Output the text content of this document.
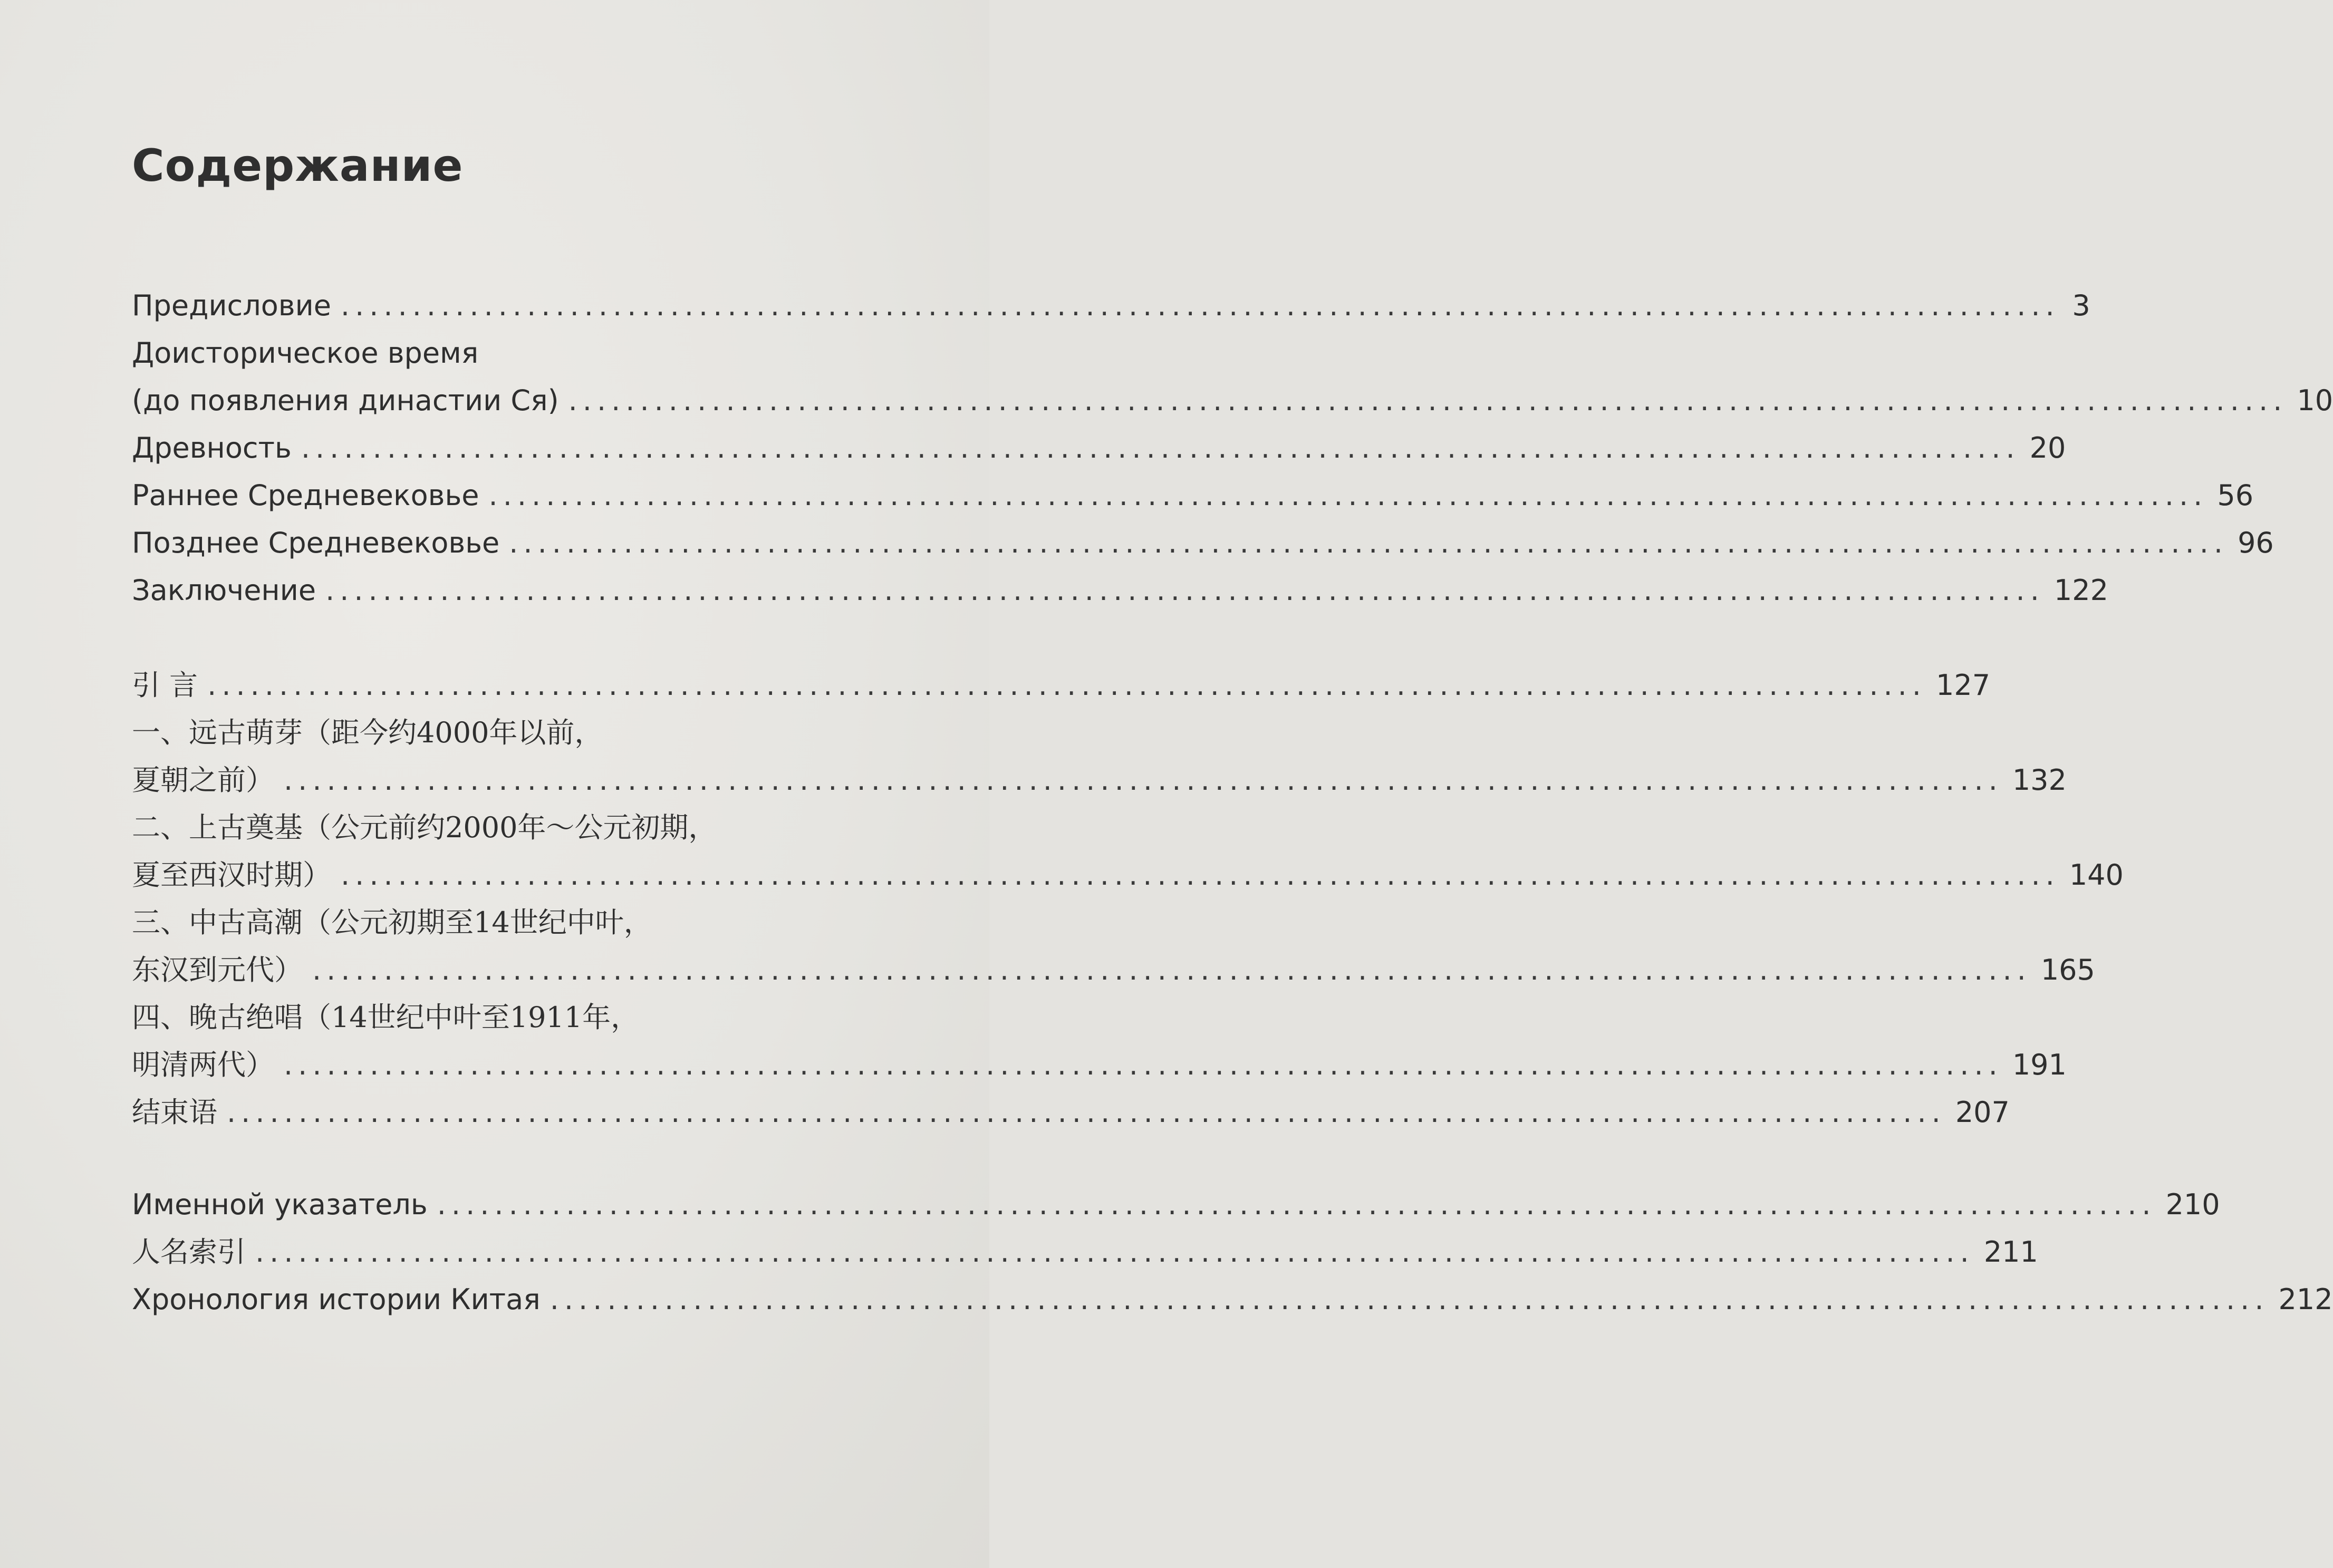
Содержание
Предисловие ........................................................................................................................ 3
Доисторическое время
(до появления династии Ся) ........................................................................................................................ 10
Древность ........................................................................................................................ 20
Раннее Средневековье ........................................................................................................................ 56
Позднее Средневековье ........................................................................................................................ 96
Заключение ........................................................................................................................ 122
引 言 ........................................................................................................................ 127
一、远古萌芽（距今约4000年以前，
夏朝之前） ........................................................................................................................ 132
二、上古奠基（公元前约2000年～公元初期，
夏至西汉时期） ........................................................................................................................ 140
三、中古高潮（公元初期至14世纪中叶，
东汉到元代） ........................................................................................................................ 165
四、晚古绝唱（14世纪中叶至1911年，
明清两代） ........................................................................................................................ 191
结束语 ........................................................................................................................ 207
Именной указатель ........................................................................................................................ 210
人名索引 ........................................................................................................................ 211
Хронология истории Китая ........................................................................................................................ 212
